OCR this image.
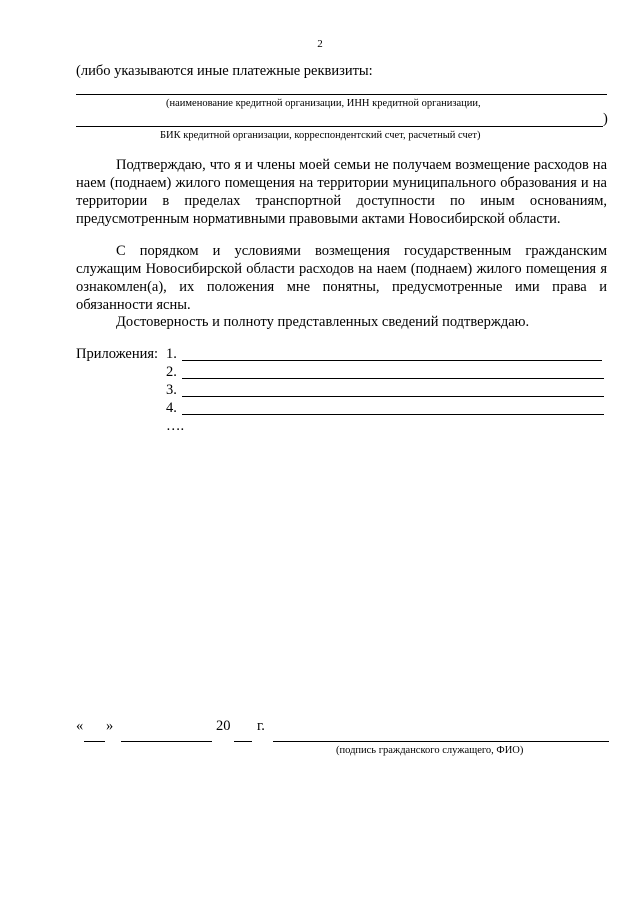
2
(либо указываются иные платежные реквизиты:
(наименование кредитной организации, ИНН кредитной организации,
)
БИК кредитной организации, корреспондентский счет, расчетный счет)
Подтверждаю, что я и члены моей семьи не получаем возмещение расходов на наем (поднаем) жилого помещения на территории муниципального образования и на территории в пределах транспортной доступности по иным основаниям, предусмотренным нормативными правовыми актами Новосибирской области.
С порядком и условиями возмещения государственным гражданским служащим Новосибирской области расходов на наем (поднаем) жилого помещения я ознакомлен(а), их положения мне понятны, предусмотренные ими права и обязанности ясны.
Достоверность и полноту представленных сведений подтверждаю.
Приложения: 1.
2.
3.
4.
….
« »	20 г.
(подпись гражданского служащего, ФИО)
